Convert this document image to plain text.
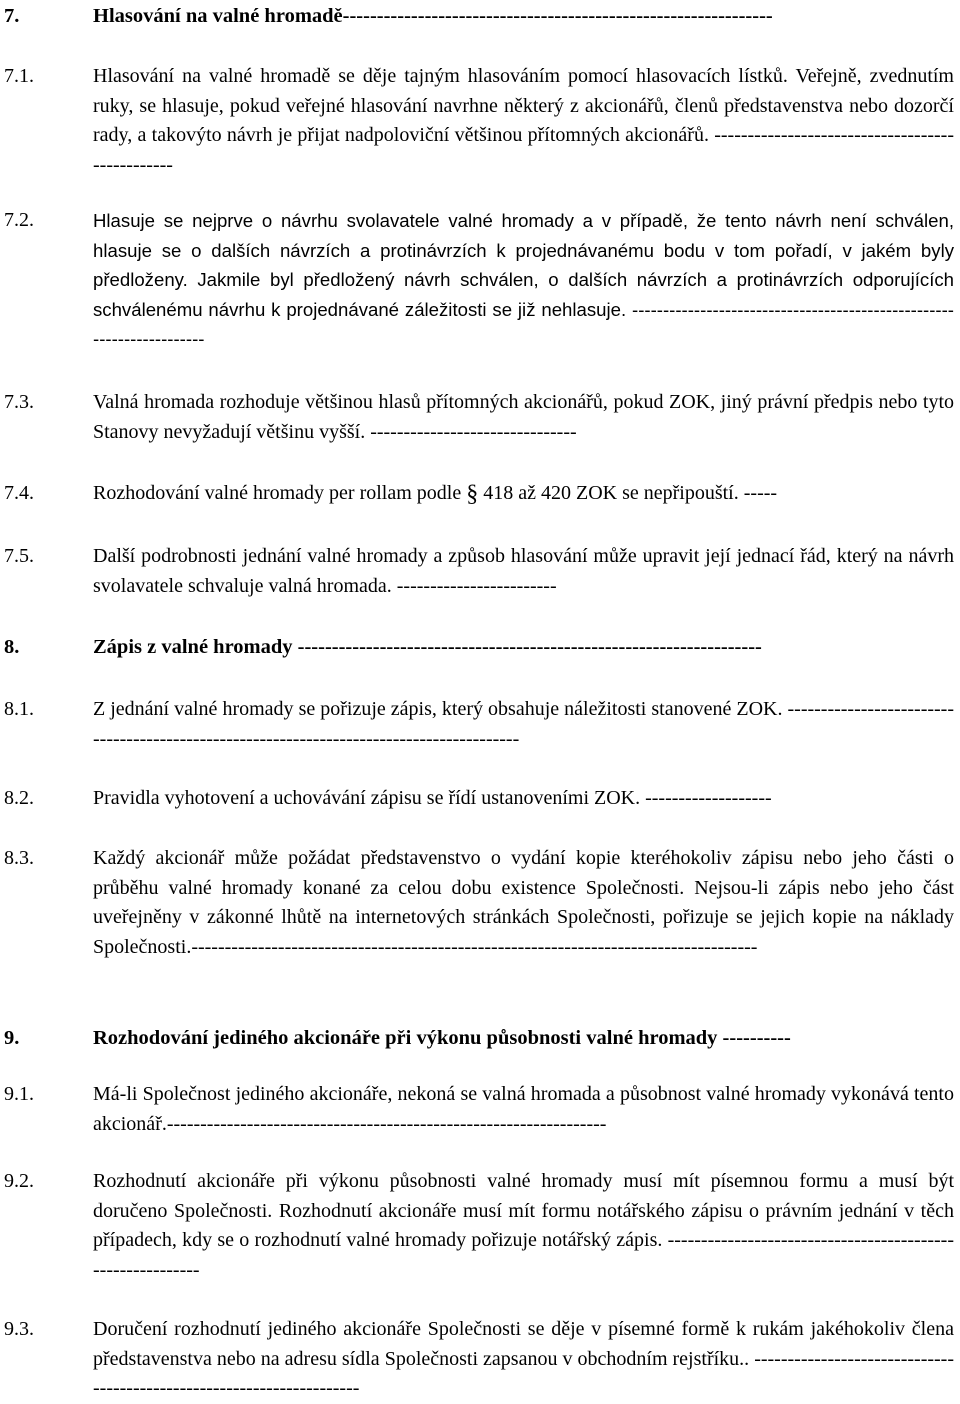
7.	Hlasování na valné hromadě---------------------------------------------------------------
7.1.	Hlasování na valné hromadě se děje tajným hlasováním pomocí hlasovacích lístků. Veřejně, zvednutím ruky, se hlasuje, pokud veřejné hlasování navrhne některý z akcionářů, členů představenstva nebo dozorčí rady, a takovýto návrh je přijat nadpoloviční většinou přítomných akcionářů. ------------------------------------------------
7.2.	Hlasuje se nejprve o návrhu svolavatele valné hromady a v případě, že tento návrh není schválen, hlasuje se o dalších návrzích a protinávrzích k projednávanému bodu v tom pořadí, v jakém byly předloženy. Jakmile byl předložený návrh schválen, o dalších návrzích a protinávrzích odporujících schválenému návrhu k projednávané záležitosti se již nehlasuje. ----------------------------------------------------------------------
7.3.	Valná hromada rozhoduje většinou hlasů přítomných akcionářů, pokud ZOK, jiný právní předpis nebo tyto Stanovy nevyžadují většinu vyšší. -------------------------------
7.4.	Rozhodování valné hromady per rollam podle § 418 až 420 ZOK se nepřipouští. -----
7.5.	Další podrobnosti jednání valné hromady a způsob hlasování může upravit její jednací řád, který na návrh svolavatele schvaluje valná hromada. ------------------------
8.	Zápis z valné hromady --------------------------------------------------------------------
8.1.	Z jednání valné hromady se pořizuje zápis, který obsahuje náležitosti stanovené ZOK. -----------------------------------------------------------------------------------------
8.2.	Pravidla vyhotovení a uchovávání zápisu se řídí ustanoveními ZOK. -------------------
8.3.	Každý akcionář může požádat představenstvo o vydání kopie kteréhokoliv zápisu nebo jeho části o průběhu valné hromady konané za celou dobu existence Společnosti. Nejsou-li zápis nebo jeho část uveřejněny v zákonné lhůtě na internetových stránkách Společnosti, pořizuje se jejich kopie na náklady Společnosti.-------------------------------------------------------------------------------------
9.	Rozhodování jediného akcionáře při výkonu působnosti valné hromady ----------
9.1.	Má-li Společnost jediného akcionáře, nekoná se valná hromada a působnost valné hromady vykonává tento akcionář.------------------------------------------------------------------
9.2.	Rozhodnutí akcionáře při výkonu působnosti valné hromady musí mít písemnou formu a musí být doručeno Společnosti. Rozhodnutí akcionáře musí mít formu notářského zápisu o právním jednání v těch případech, kdy se o rozhodnutí valné hromady pořizuje notářský zápis. -----------------------------------------------------------
9.3.	Doručení rozhodnutí jediného akcionáře Společnosti se děje v písemné formě k rukám jakéhokoliv člena představenstva nebo na adresu sídla Společnosti zapsanou v obchodním rejstříku.. ----------------------------------------------------------------------
